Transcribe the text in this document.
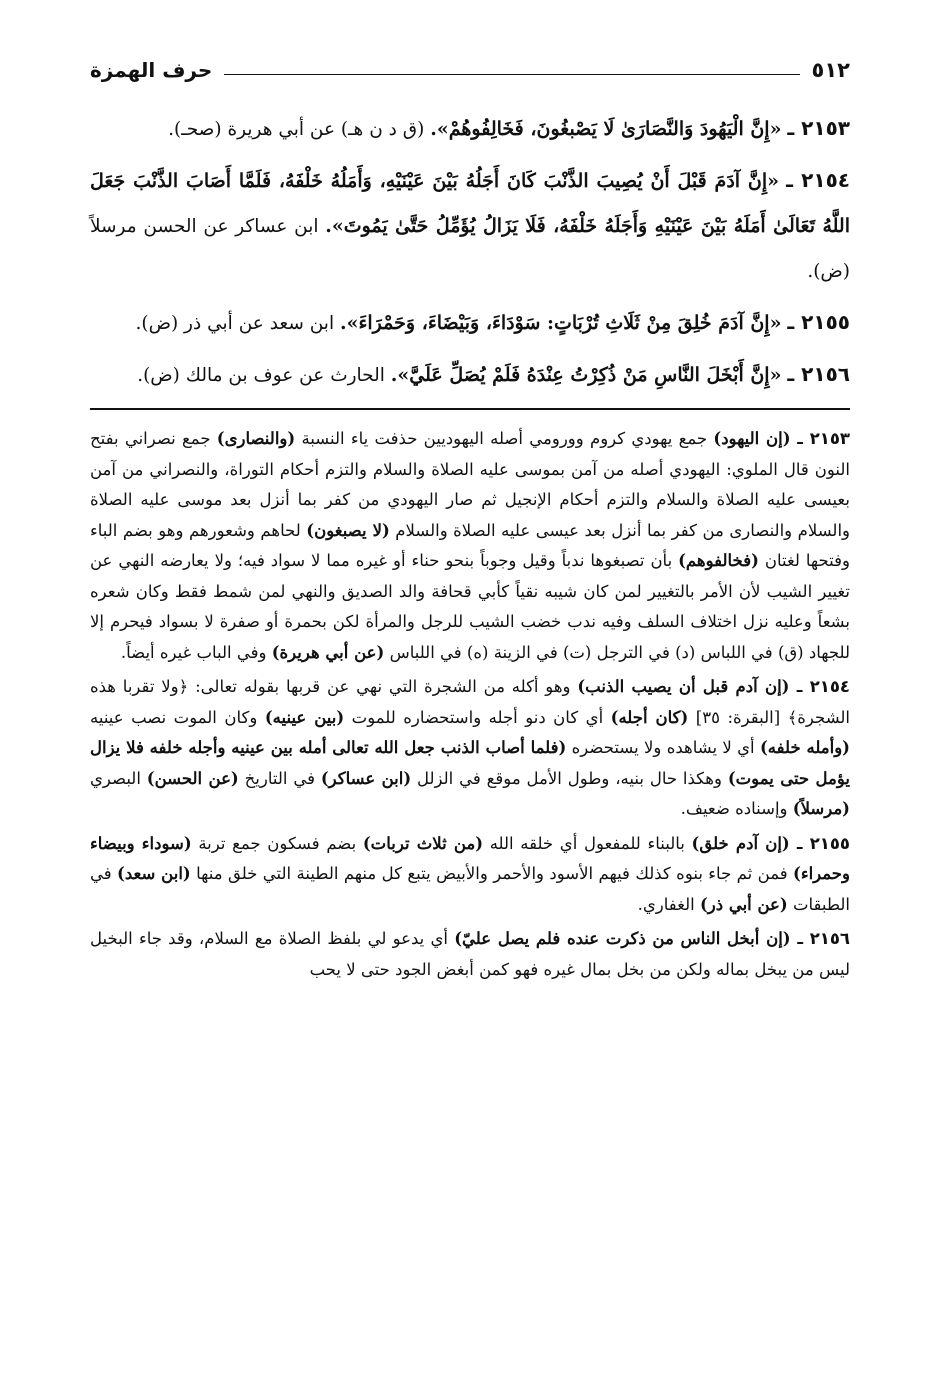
٥١٢
حرف الهمزة

٢١٥٣ ـ «إِنَّ الْيَهُودَ وَالنَّصَارَىٰ لَا يَصْبغُونَ، فَخَالِفُوهُمْ». (ق د ن هـ) عن أبي هريرة (صحـ).

٢١٥٤ ـ «إِنَّ آدَمَ قَبْلَ أَنْ يُصِيبَ الذَّنْبَ كَانَ أَجَلُهُ بَيْنَ عَيْنَيْهِ، وَأَمَلُهُ خَلْفَهُ، فَلَمَّا أَصَابَ الذَّنْبَ جَعَلَ اللَّهُ تَعَالَىٰ أَمَلَهُ بَيْنَ عَيْنَيْهِ وَأَجَلَهُ خَلْفَهُ، فَلَا يَزَالُ يُؤَمِّلُ حَتَّىٰ يَمُوتَ». ابن عساكر عن الحسن مرسلاً (ض).

٢١٥٥ ـ «إِنَّ آدَمَ خُلِقَ مِنْ ثَلَاثِ تُرْبَاتٍ: سَوْدَاءَ، وَبَيْضَاءَ، وَحَمْرَاءَ». ابن سعد عن أبي ذر (ض).

٢١٥٦ ـ «إِنَّ أَبْخَلَ النَّاسِ مَنْ ذُكِرْتُ عِنْدَهُ فَلَمْ يُصَلِّ عَلَيَّ». الحارث عن عوف بن مالك (ض).

٢١٥٣ ـ (إن اليهود) جمع يهودي كروم وورومي أصله اليهوديين حذفت ياء النسبة (والنصارى) جمع نصراني بفتح النون قال الملوي: اليهودي أصله من آمن بموسى عليه الصلاة والسلام والتزم أحكام التوراة، والنصراني من آمن بعيسى عليه الصلاة والسلام والتزم أحكام الإنجيل ثم صار اليهودي من كفر بما أنزل بعد موسى عليه الصلاة والسلام والنصارى من كفر بما أنزل بعد عيسى عليه الصلاة والسلام (لا يصبغون) لحاهم وشعورهم وهو بضم الباء وفتحها لغتان (فخالفوهم) بأن تصبغوها ندباً وقيل وجوباً بنحو حناء أو غيره مما لا سواد فيه؛ ولا يعارضه النهي عن تغيير الشيب لأن الأمر بالتغيير لمن كان شيبه نقياً كأبي قحافة والد الصديق والنهي لمن شمط فقط وكان شعره بشعاً وعليه نزل اختلاف السلف وفيه ندب خضب الشيب للرجل والمرأة لكن بحمرة أو صفرة لا بسواد فيحرم إلا للجهاد (ق) في اللباس (د) في الترجل (ت) في الزينة (ه) في اللباس (عن أبي هريرة) وفي الباب غيره أيضاً.

٢١٥٤ ـ (إن آدم قبل أن يصيب الذنب) وهو أكله من الشجرة التي نهي عن قربها بقوله تعالى: ﴿ولا تقربا هذه الشجرة﴾ [البقرة: ٣٥] (كان أجله) أي كان دنو أجله واستحضاره للموت (بين عينيه) وكان الموت نصب عينيه (وأمله خلفه) أي لا يشاهده ولا يستحضره (فلما أصاب الذنب جعل الله تعالى أمله بين عينيه وأجله خلفه فلا يزال يؤمل حتى يموت) وهكذا حال بنيه، وطول الأمل موقع في الزلل (ابن عساكر) في التاريخ (عن الحسن) البصري (مرسلاً) وإسناده ضعيف.

٢١٥٥ ـ (إن آدم خلق) بالبناء للمفعول أي خلقه الله (من ثلاث تربات) بضم فسكون جمع تربة (سوداء وبيضاء وحمراء) فمن ثم جاء بنوه كذلك فيهم الأسود والأحمر والأبيض يتبع كل منهم الطينة التي خلق منها (ابن سعد) في الطبقات (عن أبي ذر) الغفاري.

٢١٥٦ ـ (إن أبخل الناس من ذكرت عنده فلم يصل عليّ) أي يدعو لي بلفظ الصلاة مع السلام، وقد جاء البخيل ليس من يبخل بماله ولكن من بخل بمال غيره فهو كمن أبغض الجود حتى لا يحب
